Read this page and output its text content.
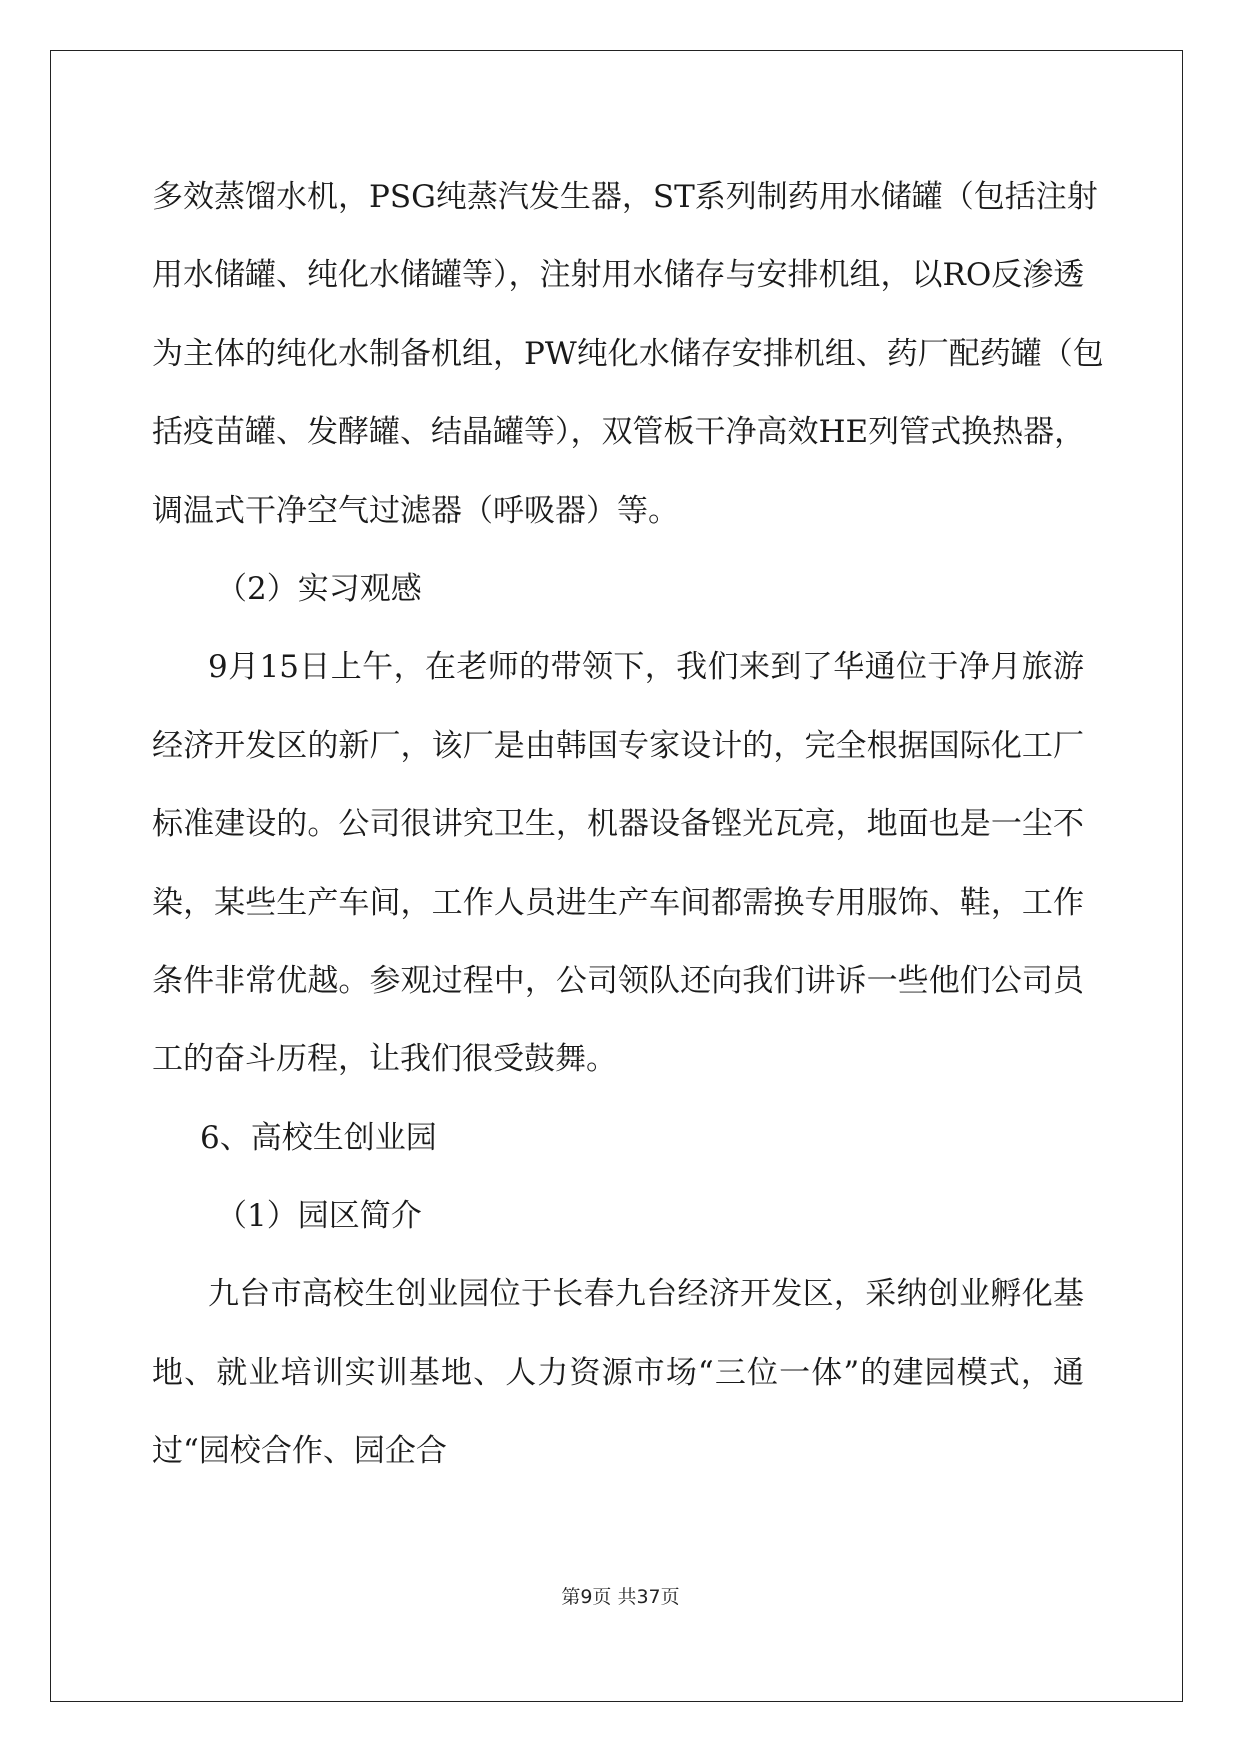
多效蒸馏水机，PSG纯蒸汽发生器，ST系列制药用水储罐（包括注射
用水储罐、纯化水储罐等），注射用水储存与安排机组，以RO反渗透
为主体的纯化水制备机组，PW纯化水储存安排机组、药厂配药罐（包
括疫苗罐、发酵罐、结晶罐等），双管板干净高效HE列管式换热器，
调温式干净空气过滤器（呼吸器）等。
（2）实习观感
9月15日上午，在老师的带领下，我们来到了华通位于净月旅游
经济开发区的新厂，该厂是由韩国专家设计的，完全根据国际化工厂
标准建设的。公司很讲究卫生，机器设备铿光瓦亮，地面也是一尘不
染，某些生产车间，工作人员进生产车间都需换专用服饰、鞋，工作
条件非常优越。参观过程中，公司领队还向我们讲诉一些他们公司员
工的奋斗历程，让我们很受鼓舞。
6、高校生创业园
（1）园区简介
九台市高校生创业园位于长春九台经济开发区，采纳创业孵化基
地、就业培训实训基地、人力资源市场“三位一体”的建园模式，通
过“园校合作、园企合
第9页 共37页
